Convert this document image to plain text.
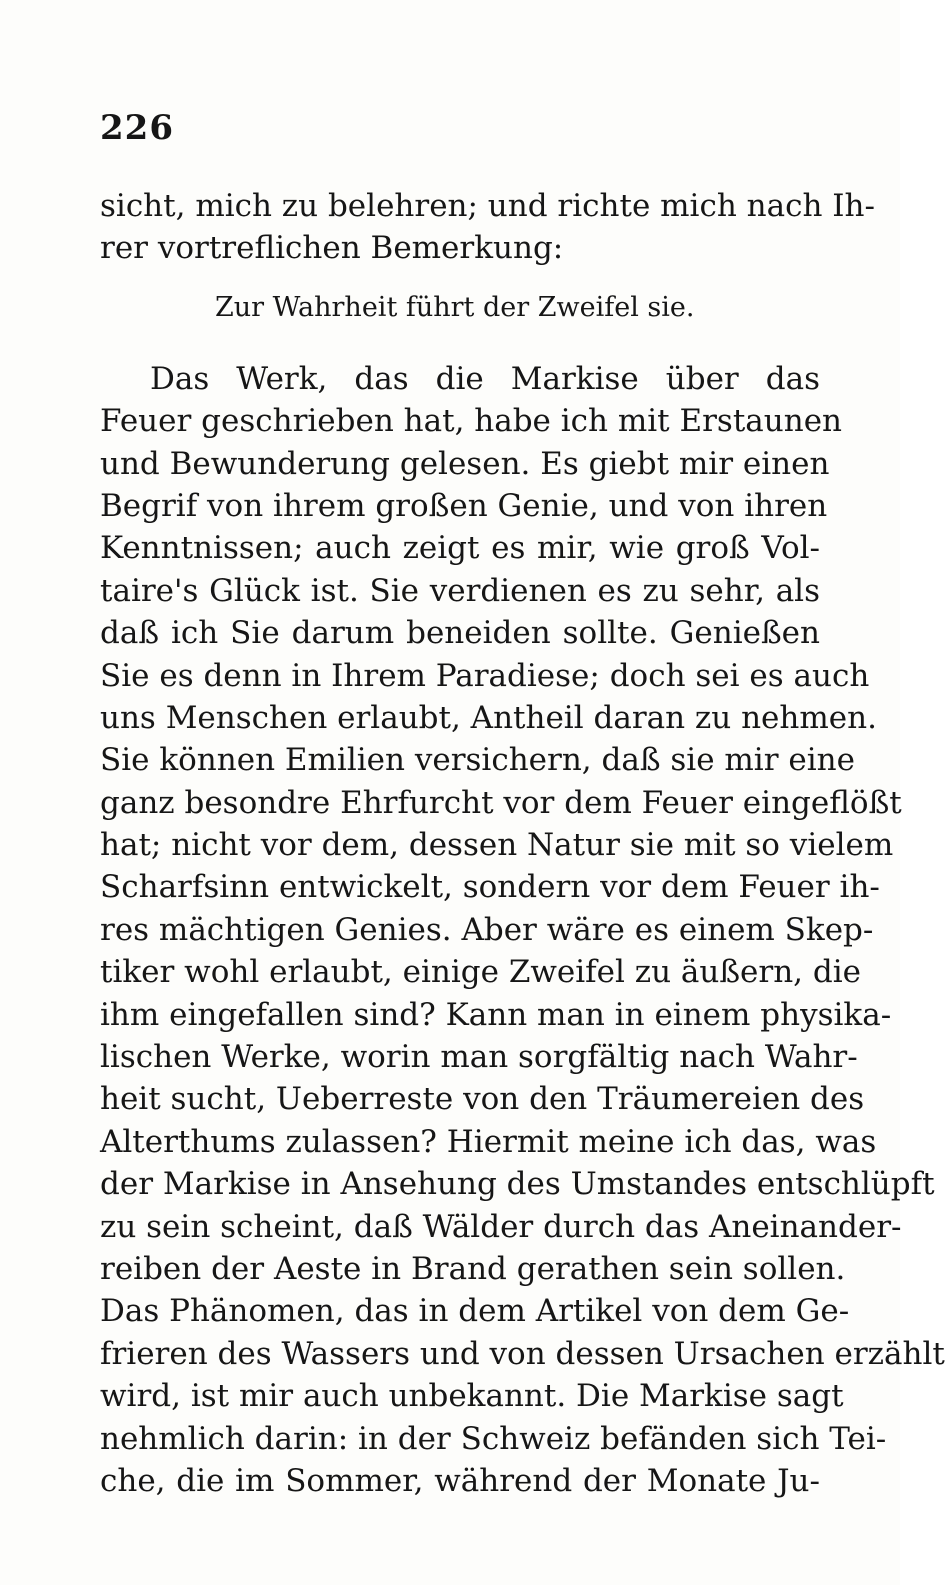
226
sicht, mich zu belehren; und richte mich nach Ih-
rer vortreflichen Bemerkung:
Zur Wahrheit führt der Zweifel sie.
Das Werk, das die Markise über das
Feuer geschrieben hat, habe ich mit Erstaunen
und Bewunderung gelesen. Es giebt mir einen
Begrif von ihrem großen Genie, und von ihren
Kenntnissen; auch zeigt es mir, wie groß Vol-
taire's Glück ist. Sie verdienen es zu sehr, als
daß ich Sie darum beneiden sollte. Genießen
Sie es denn in Ihrem Paradiese; doch sei es auch
uns Menschen erlaubt, Antheil daran zu nehmen.
Sie können Emilien versichern, daß sie mir eine
ganz besondre Ehrfurcht vor dem Feuer eingeflößt
hat; nicht vor dem, dessen Natur sie mit so vielem
Scharfsinn entwickelt, sondern vor dem Feuer ih-
res mächtigen Genies. Aber wäre es einem Skep-
tiker wohl erlaubt, einige Zweifel zu äußern, die
ihm eingefallen sind? Kann man in einem physika-
lischen Werke, worin man sorgfältig nach Wahr-
heit sucht, Ueberreste von den Träumereien des
Alterthums zulassen? Hiermit meine ich das, was
der Markise in Ansehung des Umstandes entschlüpft
zu sein scheint, daß Wälder durch das Aneinander-
reiben der Aeste in Brand gerathen sein sollen.
Das Phänomen, das in dem Artikel von dem Ge-
frieren des Wassers und von dessen Ursachen erzählt
wird, ist mir auch unbekannt. Die Markise sagt
nehmlich darin: in der Schweiz befänden sich Tei-
che, die im Sommer, während der Monate Ju-
